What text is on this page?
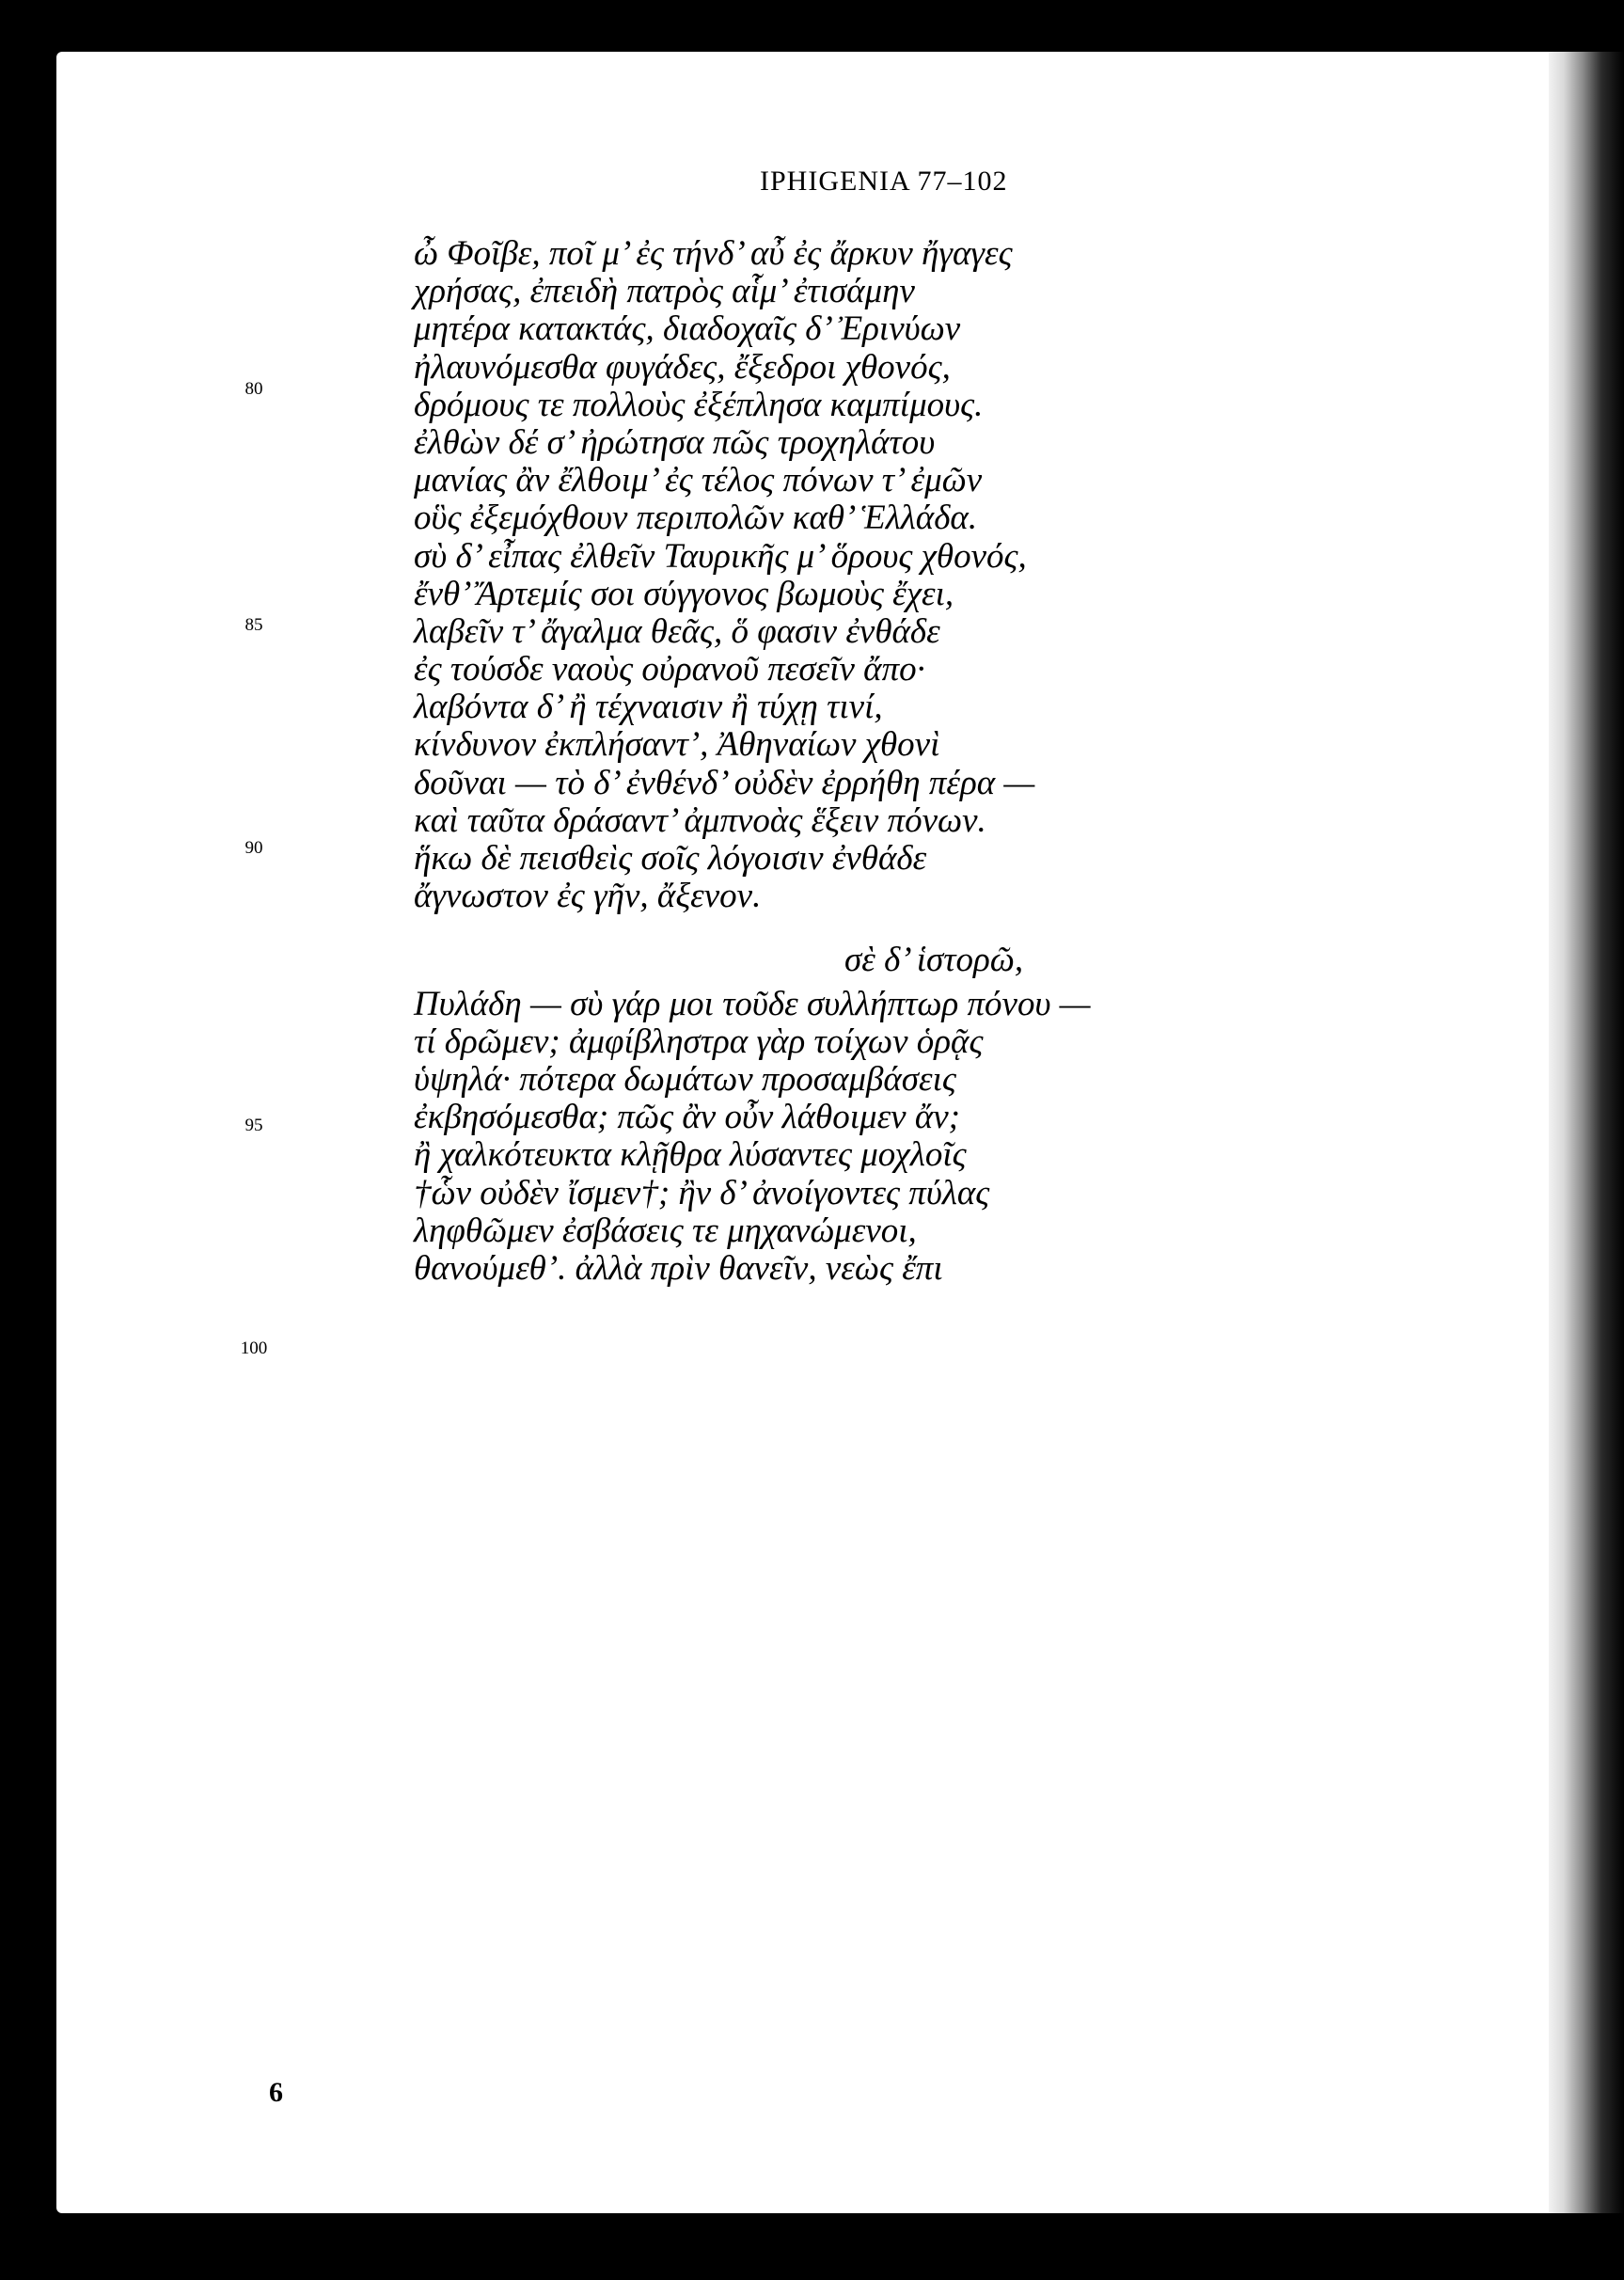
IPHIGENIA 77–102
ὦ Φοῖβε, ποῖ μ’ ἐς τήνδ’ αὖ ἐς ἄρκυν ἤγαγες
χρήσας, ἐπειδὴ πατρὸς αἷμ’ ἐτισάμην
μητέρα κατακτάς, διαδοχαῖς δ’ Ἐρινύων
ἠλαυνόμεσθα φυγάδες, ἔξεδροι χθονός,
δρόμους τε πολλοὺς ἐξέπλησα καμπίμους.
ἐλθὼν δέ σ’ ἠρώτησα πῶς τροχηλάτου
μανίας ἂν ἔλθοιμ’ ἐς τέλος πόνων τ’ ἐμῶν
οὓς ἐξεμόχθουν περιπολῶν καθ’ Ἑλλάδα.
σὺ δ’ εἶπας ἐλθεῖν Ταυρικῆς μ’ ὅρους χθονός,
ἔνθ’ Ἄρτεμίς σοι σύγγονος βωμοὺς ἔχει,
λαβεῖν τ’ ἄγαλμα θεᾶς, ὅ φασιν ἐνθάδε
ἐς τούσδε ναοὺς οὐρανοῦ πεσεῖν ἄπο·
λαβόντα δ’ ἢ τέχναισιν ἢ τύχῃ τινί,
κίνδυνον ἐκπλήσαντ’, Ἀθηναίων χθονὶ
δοῦναι — τὸ δ’ ἐνθένδ’ οὐδὲν ἐρρήθη πέρα —
καὶ ταῦτα δράσαντ’ ἀμπνοὰς ἕξειν πόνων.
ἥκω δὲ πεισθεὶς σοῖς λόγοισιν ἐνθάδε
ἄγνωστον ἐς γῆν, ἄξενον.
σὲ δ’ ἱστορῶ,
Πυλάδη — σὺ γάρ μοι τοῦδε συλλήπτωρ πόνου —
τί δρῶμεν; ἀμφίβληστρα γὰρ τοίχων ὁρᾷς
ὑψηλά· πότερα δωμάτων προσαμβάσεις
ἐκβησόμεσθα; πῶς ἂν οὖν λάθοιμεν ἄν;
ἢ χαλκότευκτα κλῇθρα λύσαντες μοχλοῖς
†ὧν οὐδὲν ἴσμεν†; ἢν δ’ ἀνοίγοντες πύλας
ληφθῶμεν ἐσβάσεις τε μηχανώμενοι,
θανούμεθ’. ἀλλὰ πρὶν θανεῖν, νεὼς ἔπι
80
85
90
95
100
6
